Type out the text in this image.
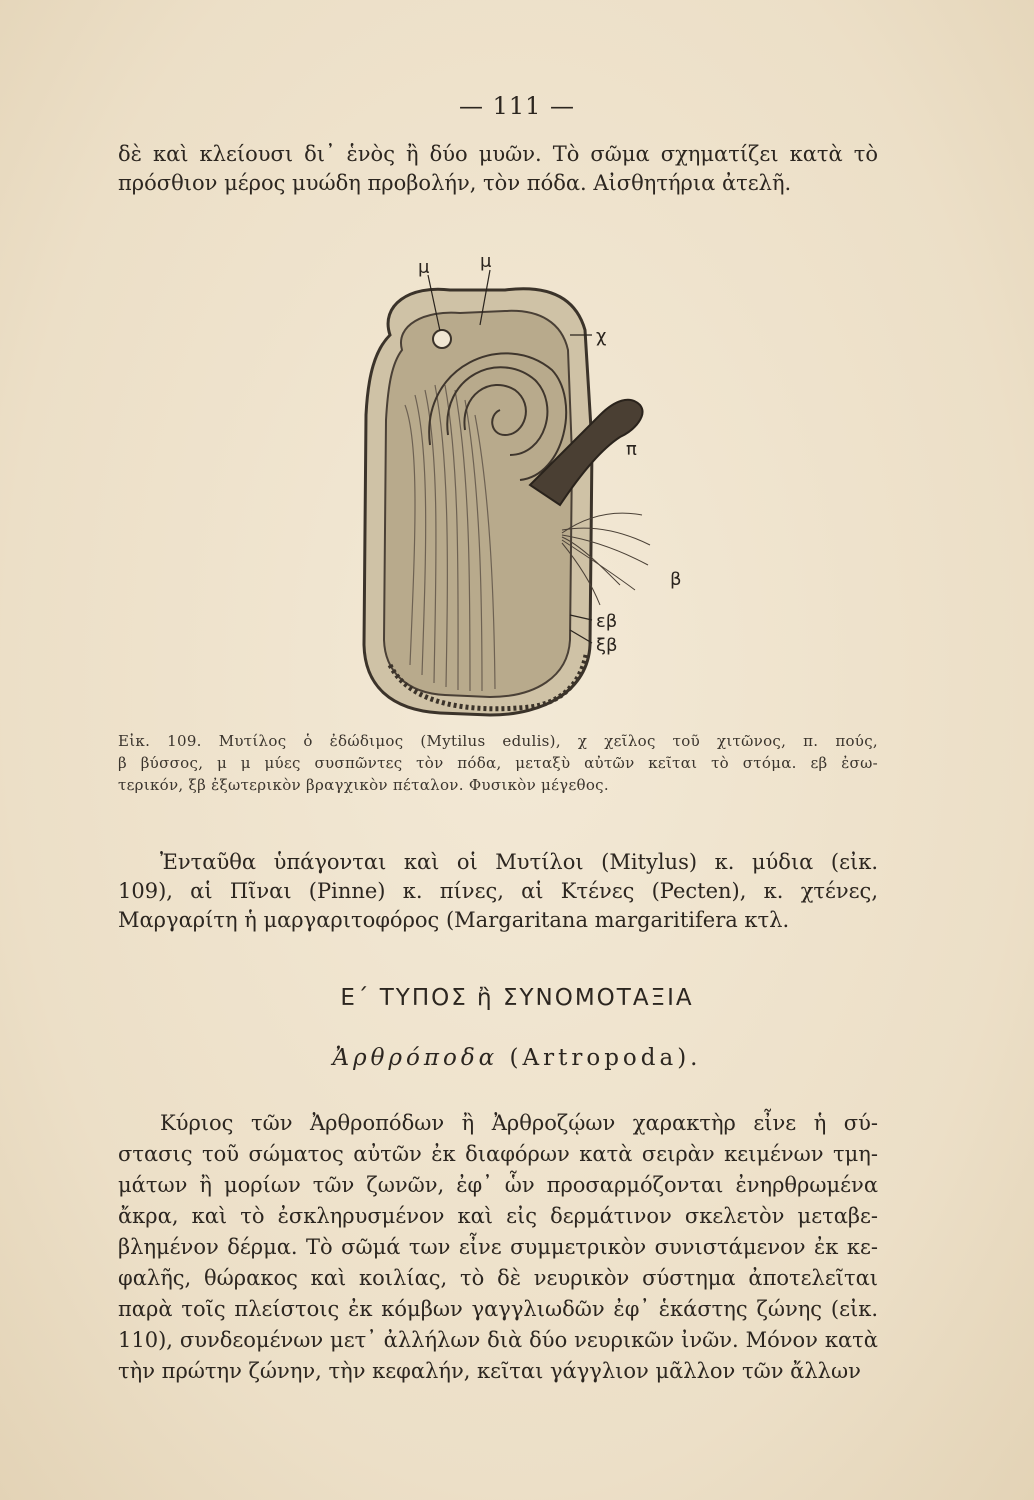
— 111 —
δὲ καὶ κλείουσι δι᾽ ἑνὸς ἢ δύο μυῶν. Τὸ σῶμα σχηματίζει κατὰ τὸ
πρόσθιον μέρος μυώδη προβολήν, τὸν πόδα. Αἰσθητήρια ἀτελῆ.
μ	μ
χ
π
β
εβ
ξβ
Εἰκ. 109. Μυτίλος ὁ ἐδώδιμος (Mytilus edulis), χ χεῖλος τοῦ χιτῶνος, π. πούς,
β βύσσος, μ μ μύες συσπῶντες τὸν πόδα, μεταξὺ αὐτῶν κεῖται τὸ στόμα. εβ ἐσω-
τερικόν, ξβ ἐξωτερικὸν βραγχικὸν πέταλον. Φυσικὸν μέγεθος.
Ἐνταῦθα ὑπάγονται καὶ οἱ Μυτίλοι (Mitylus) κ. μύδια (εἰκ.
109), αἱ Πῖναι (Pinne) κ. πίνες, αἱ Κτένες (Pecten), κ. χτένες,
Μαργαρίτη ἡ μαργαριτοφόρος (Margaritana margaritifera κτλ.
Ε΄ ΤΥΠΟΣ ἢ ΣΥΝΟΜΟΤΑΞΙΑ
Ἀρθρόποδα (Artropoda).
Κύριος τῶν Ἀρθροπόδων ἢ Ἀρθροζῴων χαρακτὴρ εἶνε ἡ σύ-
στασις τοῦ σώματος αὐτῶν ἐκ διαφόρων κατὰ σειρὰν κειμένων τμη-
μάτων ἢ μορίων τῶν ζωνῶν, ἐφ᾽ ὧν προσαρμόζονται ἐνηρθρωμένα
ἄκρα, καὶ τὸ ἐσκληρυσμένον καὶ εἰς δερμάτινον σκελετὸν μεταβε-
βλημένον δέρμα. Τὸ σῶμά των εἶνε συμμετρικὸν συνιστάμενον ἐκ κε-
φαλῆς, θώρακος καὶ κοιλίας, τὸ δὲ νευρικὸν σύστημα ἀποτελεῖται
παρὰ τοῖς πλείστοις ἐκ κόμβων γαγγλιωδῶν ἐφ᾽ ἑκάστης ζώνης (εἰκ.
110), συνδεομένων μετ᾽ ἀλλήλων διὰ δύο νευρικῶν ἰνῶν. Μόνον κατὰ
τὴν πρώτην ζώνην, τὴν κεφαλήν, κεῖται γάγγλιον μᾶλλον τῶν ἄλλων
